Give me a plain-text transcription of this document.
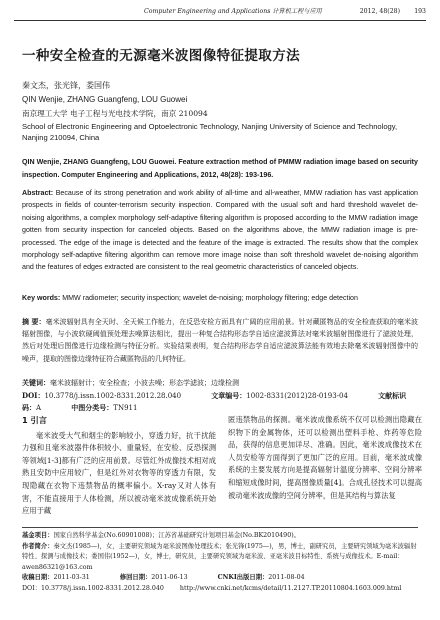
Computer Engineering and Applications 计算机工程与应用	2012, 48(28) 193
一种安全检查的无源毫米波图像特征提取方法
秦文杰，张光锋，娄国伟
QIN Wenjie, ZHANG Guangfeng, LOU Guowei
南京理工大学 电子工程与光电技术学院，南京 210094
School of Electronic Engineering and Optoelectronic Technology, Nanjing University of Science and Technology, Nanjing 210094, China
QIN Wenjie, ZHANG Guangfeng, LOU Guowei. Feature extraction method of PMMW radiation image based on security inspection. Computer Engineering and Applications, 2012, 48(28): 193-196.
Abstract: Because of its strong penetration and work ability of all-time and all-weather, MMW radiation has vast application prospects in fields of counter-terrorism security inspection. Compared with the usual soft and hard threshold wavelet de-noising algorithms, a complex morphology self-adaptive filtering algorithm is proposed according to the MMW radiation image gotten from security inspection for canceled objects. Based on the algorithms above, the MMW radiation image is pre-processed. The edge of the image is detected and the feature of the image is extracted. The results show that the complex morphology self-adaptive filtering algorithm can remove more image noise than soft threshold wavelet de-noising algorithm and the features of edges extracted are consistent to the real geometric characteristics of canceled objects.
Key words: MMW radiometer; security inspection; wavelet de-noising; morphology filtering; edge detection
摘 要：毫米波辐射具有全天时、全天候工作能力，在反恐安检方面具有广阔的应用前景。针对藏匿物品的安全检查获取的毫米波辐射图像，与小波软硬阈值预处理去噪算法相比，提出一种复合结构形态学自适应滤波算法对毫米波辐射图像进行了滤波处理，然后对处理后图像进行边缘检测与特征分析。实验结果表明，复合结构形态学自适应滤波算法能有效地去除毫米波辐射图像中的噪声，提取的图像边缘特征符合藏匿物品的几何特征。
关键词：毫米波辐射计；安全检查；小波去噪；形态学滤波；边缘检测
DOI：10.3778/j.issn.1002-8331.2012.28.040	文章编号：1002-8331(2012)28-0193-04	文献标识码：A	中图分类号：TN911
1 引言

毫米波受大气和烟尘的影响较小，穿透力好，抗干扰能力强和且毫米波器件体积较小、重量轻，在安检、反恐探测等领域[1-3]都有广泛的应用前景。尽管红外成像技术相对成熟且安防中应用较广，但是红外对衣物等的穿透力有限，发现隐藏在衣物下违禁物品的概率偏小。X-ray又对人体有害，不能直接用于人体检测，所以被动毫米波成像系统开始应用于藏

匿违禁物品的探测。毫米波成像系统不仅可以检测出隐藏在织物下的金属物体，还可以检测出塑料手枪、炸药等危险品，获得的信息更加详尽、准确。因此，毫米波成像技术在人员安检等方面得到了更加广泛的应用。目前，毫米波成像系统的主要发展方向是提高辐射计温度分辨率、空间分辨率和缩短成像时间，提高图像质量[4]。合成孔径技术可以提高被动毫米波成像的空间分辨率，但是其结构与算法复

基金项目：国家自然科学基金(No.60901008)；江苏省基础研究计划项目基金(No.BK2010490)。
作者简介：秦文杰(1985—)，女，主要研究领域为毫米波图像处理技术；张光锋(1975—)，男，博士，副研究员，主要研究领域为毫米波辐射特性、探测与成像技术；娄国伟(1952—)，女，博士，研究员，主要研究领域为毫米波、亚毫米波目标特性、系统与成像技术。E-mail：awen86321@163.com
收稿日期：2011-03-31	修回日期：2011-06-13	CNKI出版日期：2011-08-04
DOI：10.3778/j.issn.1002-8331.2012.28.040	http://www.cnki.net/kcms/detail/11.2127.TP.20110804.1603.009.html
